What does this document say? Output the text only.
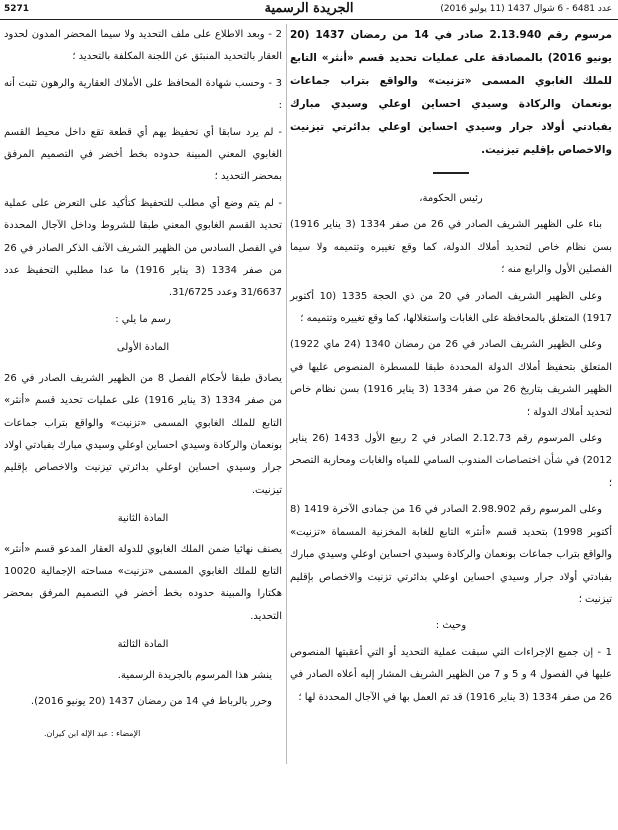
5271	الجريدة الرسمية	عدد 6481 - 6 شوال 1437 (11 يوليو 2016)

مرسوم رقم 2.13.940 صادر في 14 من رمضان 1437 (20 يونيو 2016) بالمصادقة على عمليات تحديد قسم «أنثر» التابع للملك الغابوي المسمى «تزنيت» والواقع بتراب جماعات بونعمان والركادة وسيدي احساين اوعلي وسيدي مبارك بفبادتي أولاد جرار وسيدي احساين اوعلي بدائرتي تيزنيت والاخصاص بإقليم تيزنيت.

رئيس الحكومة،

بناء على الظهير الشريف الصادر في 26 من صفر 1334 (3 يناير 1916) بسن نظام خاص لتحديد أملاك الدولة، كما وقع تغييره وتتميمه ولا سيما الفصلين الأول والرابع منه ؛

وعلى الظهير الشريف الصادر في 20 من ذي الحجة 1335 (10 أكتوبر 1917) المتعلق بالمحافظة على الغابات واستغلالها، كما وقع تغييره وتتميمه ؛

وعلى الظهير الشريف الصادر في 26 من رمضان 1340 (24 ماي 1922) المتعلق بتحفيظ أملاك الدولة المحددة طبقا للمسطرة المنصوص عليها في الظهير الشريف بتاريخ 26 من صفر 1334 (3 يناير 1916) بسن نظام خاص لتحديد أملاك الدولة ؛

وعلى المرسوم رقم 2.12.73 الصادر في 2 ربيع الأول 1433 (26 يناير 2012) في شأن اختصاصات المندوب السامي للمياه والغابات ومحاربة التصحر ؛

وعلى المرسوم رقم 2.98.902 الصادر في 16 من جمادى الآخرة 1419 (8 أكتوبر 1998) بتحديد قسم «أنثر» التابع للغابة المخزنية المسماة «تزنيت» والواقع بتراب جماعات بونعمان والركادة وسيدي احساين اوعلي وسيدي مبارك بفبادتي أولاد جرار وسيدي احساين اوعلي بدائرتي تزنيت والاخصاص بإقليم تيزنيت ؛

وحيث :

1 - إن جميع الإجراءات التي سبقت عملية التحديد أو التي أعقبتها المنصوص عليها في الفصول 4 و 5 و 7 من الظهير الشريف المشار إليه أعلاه الصادر في 26 من صفر 1334 (3 يناير 1916) قد تم العمل بها في الآجال المحددة لها ؛

2 - وبعد الاطلاع على ملف التحديد ولا سيما المحضر المدون لحدود العقار بالتحديد المنبثق عن اللجنة المكلفة بالتحديد ؛

3 - وحسب شهادة المحافظ على الأملاك العقارية والرهون تثبت أنه :

- لم يرد سابقا أي تحفيظ يهم أي قطعة تقع داخل محيط القسم الغابوي المعني المبينة حدوده بخط أخضر في التصميم المرفق بمحضر التحديد ؛

- لم يتم وضع أي مطلب للتحفيظ كتأكيد على التعرض على عملية تحديد القسم الغابوي المعني طبقا للشروط وداخل الآجال المحددة في الفصل السادس من الظهير الشريف الآنف الذكر الصادر في 26 من صفر 1334 (3 يناير 1916) ما عدا مطلبي التحفيظ عدد 31/6637 وعدد 31/6725.

رسم ما يلي :

المادة الأولى

يصادق طبقا لأحكام الفصل 8 من الظهير الشريف الصادر في 26 من صفر 1334 (3 يناير 1916) على عمليات تحديد قسم «أنثر» التابع للملك الغابوي المسمى «تزنيت» والواقع بتراب جماعات بونعمان والركادة وسيدي احساين اوعلي وسيدي مبارك بفبادتي اولاد جرار وسيدي احساين اوعلي بدائرتي تيزنيت والاخصاص بإقليم تيزنيت.

المادة الثانية

يصنف نهائيا ضمن الملك الغابوي للدولة العقار المدعو قسم «أنثر» التابع للملك الغابوي المسمى «تزنيت» مساحته الإجمالية 10020 هكتارا والمبينة حدوده بخط أخضر في التصميم المرفق بمحضر التحديد.

المادة الثالثة

ينشر هذا المرسوم بالجريدة الرسمية.

وحرر بالرباط في 14 من رمضان 1437 (20 يونيو 2016).

الإمضاء : عبد الإله ابن كيران.
